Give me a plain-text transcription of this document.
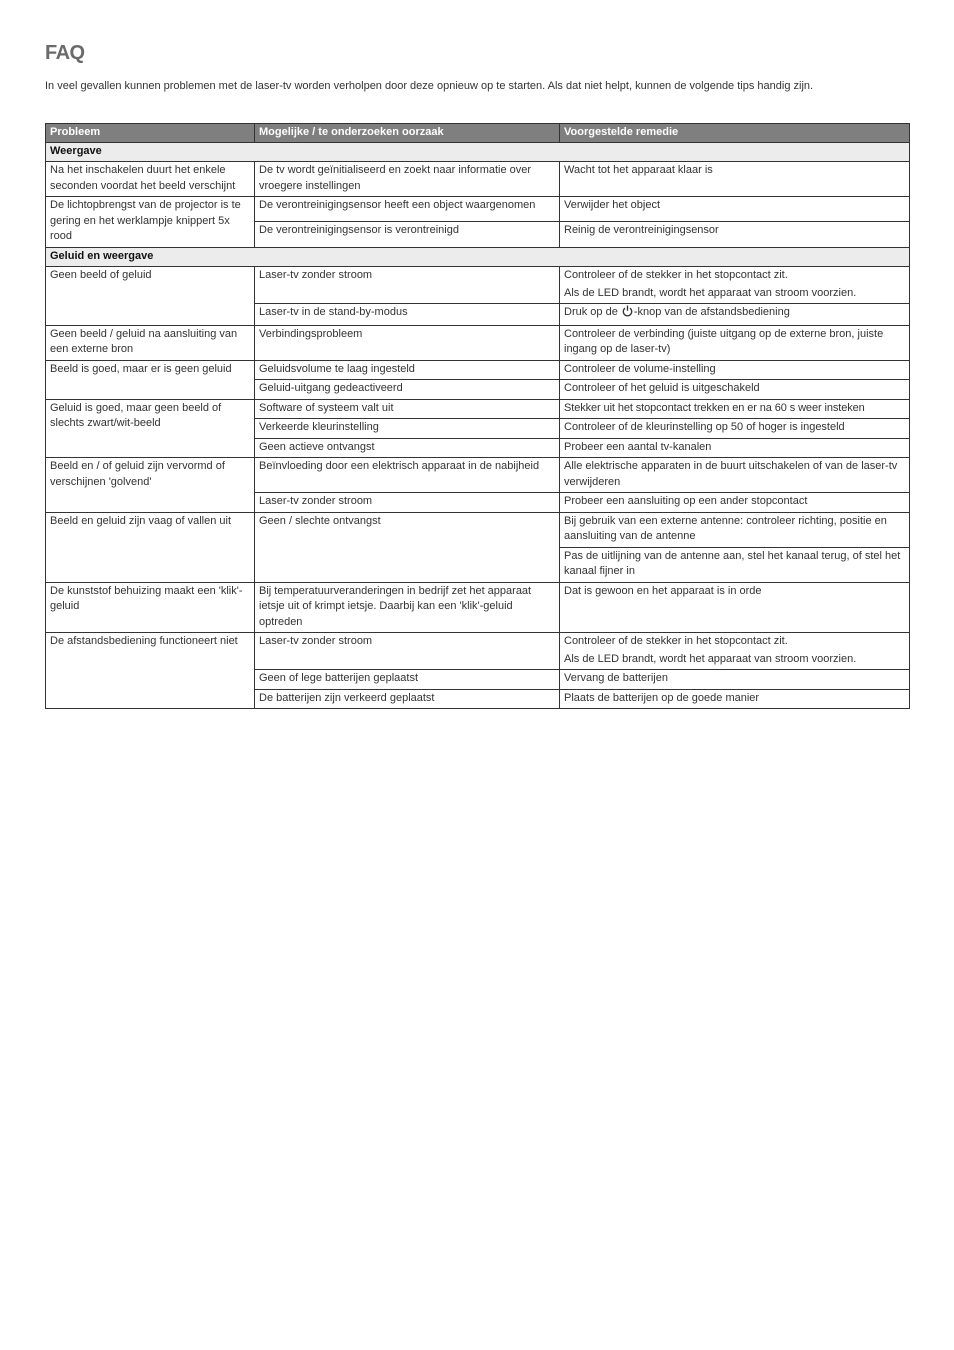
FAQ

In veel gevallen kunnen problemen met de laser-tv worden verholpen door deze opnieuw op te starten. Als dat niet helpt, kunnen de volgende tips handig zijn.

Probleem	Mogelijke / te onderzoeken oorzaak	Voorgestelde remedie
Weergave		
Na het inschakelen duurt het enkele seconden voordat het beeld verschijnt	De tv wordt geïnitialiseerd en zoekt naar informatie over vroegere instellingen	Wacht tot het apparaat klaar is
De lichtopbrengst van de projector is te gering en het werklampje knippert 5x rood	De verontreinigingsensor heeft een object waargenomen	Verwijder het object
	De verontreinigingsensor is verontreinigd	Reinig de verontreinigingsensor
Geluid en weergave		
Geen beeld of geluid	Laser-tv zonder stroom	Controleer of de stekker in het stopcontact zit.
Als de LED brandt, wordt het apparaat van stroom voorzien.

	Laser-tv in de stand-by-modus	Druk op de -knop van de afstandsbediening
Geen beeld / geluid na aansluiting van een externe bron	Verbindingsprobleem	Controleer de verbinding (juiste uitgang op de externe bron, juiste ingang op de laser-tv)
Beeld is goed, maar er is geen geluid	Geluidsvolume te laag ingesteld	Controleer de volume-instelling
	Geluid-uitgang gedeactiveerd	Controleer of het geluid is uitgeschakeld
Geluid is goed, maar geen beeld of slechts zwart/wit-beeld	Software of systeem valt uit	Stekker uit het stopcontact trekken en er na 60 s weer insteken
	Verkeerde kleurinstelling	Controleer of de kleurinstelling op 50 of hoger is ingesteld
	Geen actieve ontvangst	Probeer een aantal tv-kanalen
Beeld en / of geluid zijn vervormd of verschijnen 'golvend'	Beïnvloeding door een elektrisch apparaat in de nabijheid	Alle elektrische apparaten in de buurt uitschakelen of van de laser-tv verwijderen
	Laser-tv zonder stroom	Probeer een aansluiting op een ander stopcontact
Beeld en geluid zijn vaag of vallen uit	Geen / slechte ontvangst	Bij gebruik van een externe antenne: controleer richting, positie en aansluiting van de antenne
		Pas de uitlijning van de antenne aan, stel het kanaal terug, of stel het kanaal fijner in
De kunststof behuizing maakt een 'klik'-geluid	Bij temperatuurveranderingen in bedrijf zet het apparaat ietsje uit of krimpt ietsje. Daarbij kan een 'klik'-geluid optreden	Dat is gewoon en het apparaat is in orde
De afstandsbediening functioneert niet	Laser-tv zonder stroom	Controleer of de stekker in het stopcontact zit.
Als de LED brandt, wordt het apparaat van stroom voorzien.

	Geen of lege batterijen geplaatst	Vervang de batterijen
	De batterijen zijn verkeerd geplaatst	Plaats de batterijen op de goede manier
